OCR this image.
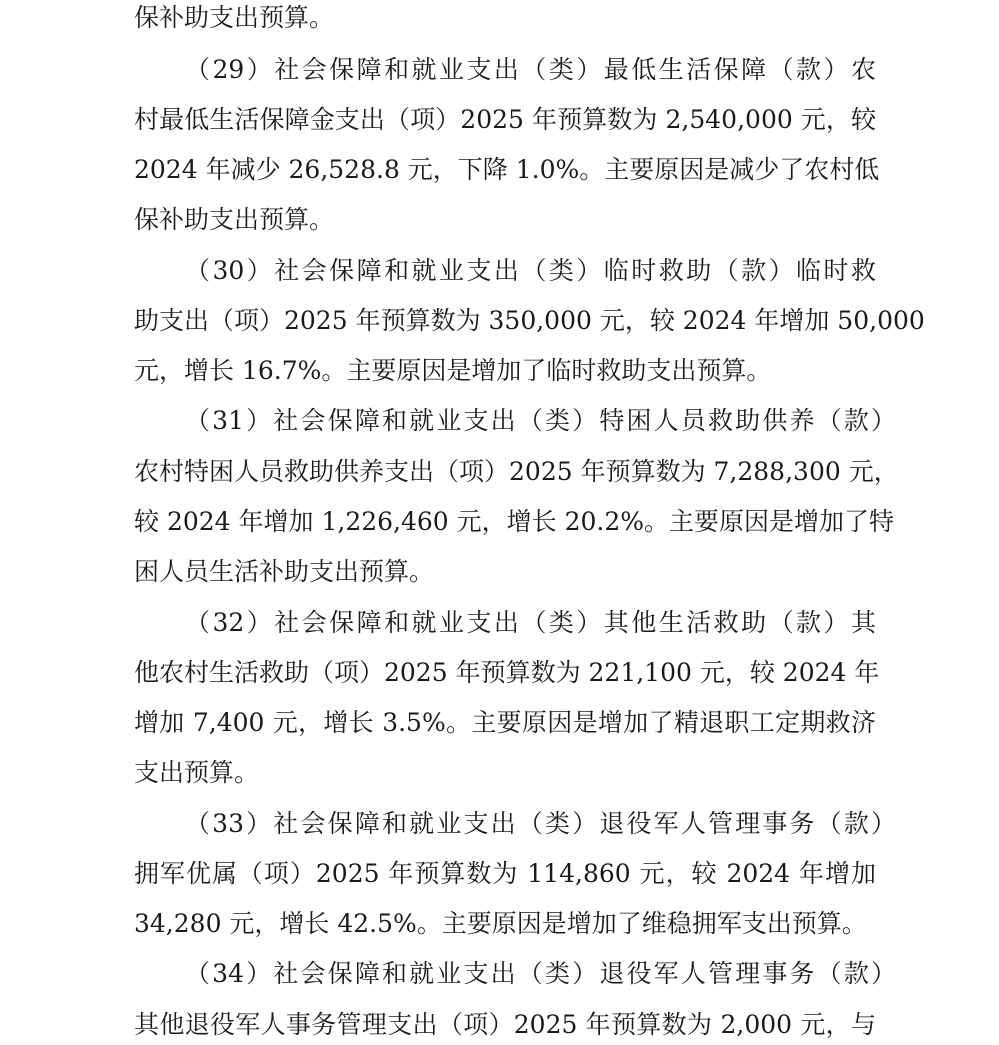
保补助支出预算。
（29）社会保障和就业支出（类）最低生活保障（款）农
村最低生活保障金支出（项）2025 年预算数为 2,540,000 元，较
2024 年减少 26,528.8 元，下降 1.0%。主要原因是减少了农村低
保补助支出预算。
（30）社会保障和就业支出（类）临时救助（款）临时救
助支出（项）2025 年预算数为 350,000 元，较 2024 年增加 50,000
元，增长 16.7%。主要原因是增加了临时救助支出预算。
（31）社会保障和就业支出（类）特困人员救助供养（款）
农村特困人员救助供养支出（项）2025 年预算数为 7,288,300 元，
较 2024 年增加 1,226,460 元，增长 20.2%。主要原因是增加了特
困人员生活补助支出预算。
（32）社会保障和就业支出（类）其他生活救助（款）其
他农村生活救助（项）2025 年预算数为 221,100 元，较 2024 年
增加 7,400 元，增长 3.5%。主要原因是增加了精退职工定期救济
支出预算。
（33）社会保障和就业支出（类）退役军人管理事务（款）
拥军优属（项）2025 年预算数为 114,860 元，较 2024 年增加
34,280 元，增长 42.5%。主要原因是增加了维稳拥军支出预算。
（34）社会保障和就业支出（类）退役军人管理事务（款）
其他退役军人事务管理支出（项）2025 年预算数为 2,000 元，与
